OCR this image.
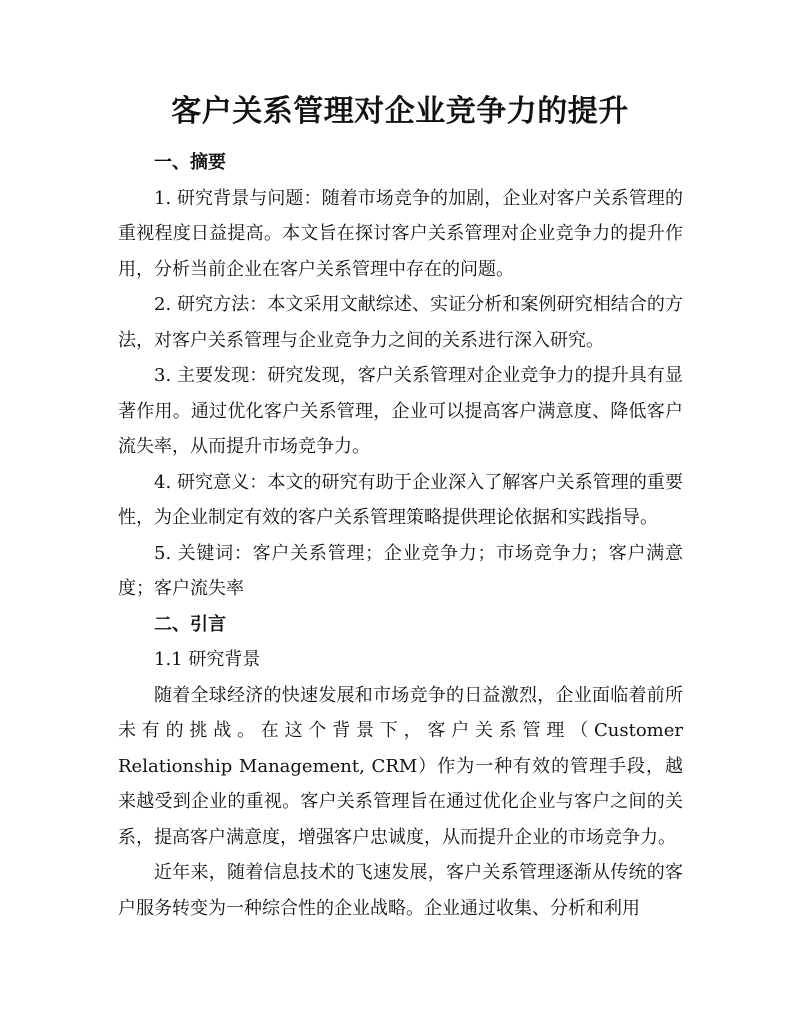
客户关系管理对企业竞争力的提升

一、摘要

1. 研究背景与问题：随着市场竞争的加剧，企业对客户关系管理的重视程度日益提高。本文旨在探讨客户关系管理对企业竞争力的提升作用，分析当前企业在客户关系管理中存在的问题。

2. 研究方法：本文采用文献综述、实证分析和案例研究相结合的方法，对客户关系管理与企业竞争力之间的关系进行深入研究。

3. 主要发现：研究发现，客户关系管理对企业竞争力的提升具有显著作用。通过优化客户关系管理，企业可以提高客户满意度、降低客户流失率，从而提升市场竞争力。

4. 研究意义：本文的研究有助于企业深入了解客户关系管理的重要性，为企业制定有效的客户关系管理策略提供理论依据和实践指导。

5. 关键词：客户关系管理；企业竞争力；市场竞争力；客户满意度；客户流失率

二、引言

1.1 研究背景

随着全球经济的快速发展和市场竞争的日益激烈，企业面临着前所未有的挑战。在这个背景下，客户关系管理（Customer Relationship Management, CRM）作为一种有效的管理手段，越来越受到企业的重视。客户关系管理旨在通过优化企业与客户之间的关系，提高客户满意度，增强客户忠诚度，从而提升企业的市场竞争力。

近年来，随着信息技术的飞速发展，客户关系管理逐渐从传统的客户服务转变为一种综合性的企业战略。企业通过收集、分析和利用
